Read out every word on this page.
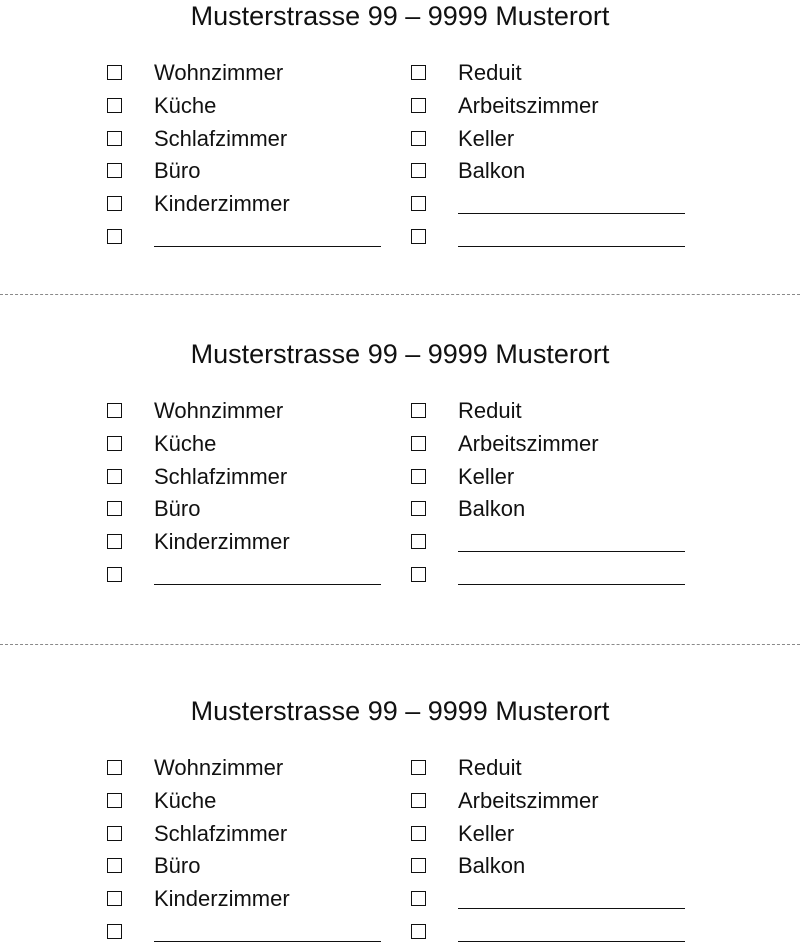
Musterstrasse 99 – 9999 Musterort
Wohnzimmer
Küche
Schlafzimmer
Büro
Kinderzimmer
Reduit
Arbeitszimmer
Keller
Balkon
Musterstrasse 99 – 9999 Musterort
Wohnzimmer
Küche
Schlafzimmer
Büro
Kinderzimmer
Reduit
Arbeitszimmer
Keller
Balkon
Musterstrasse 99 – 9999 Musterort
Wohnzimmer
Küche
Schlafzimmer
Büro
Kinderzimmer
Reduit
Arbeitszimmer
Keller
Balkon
